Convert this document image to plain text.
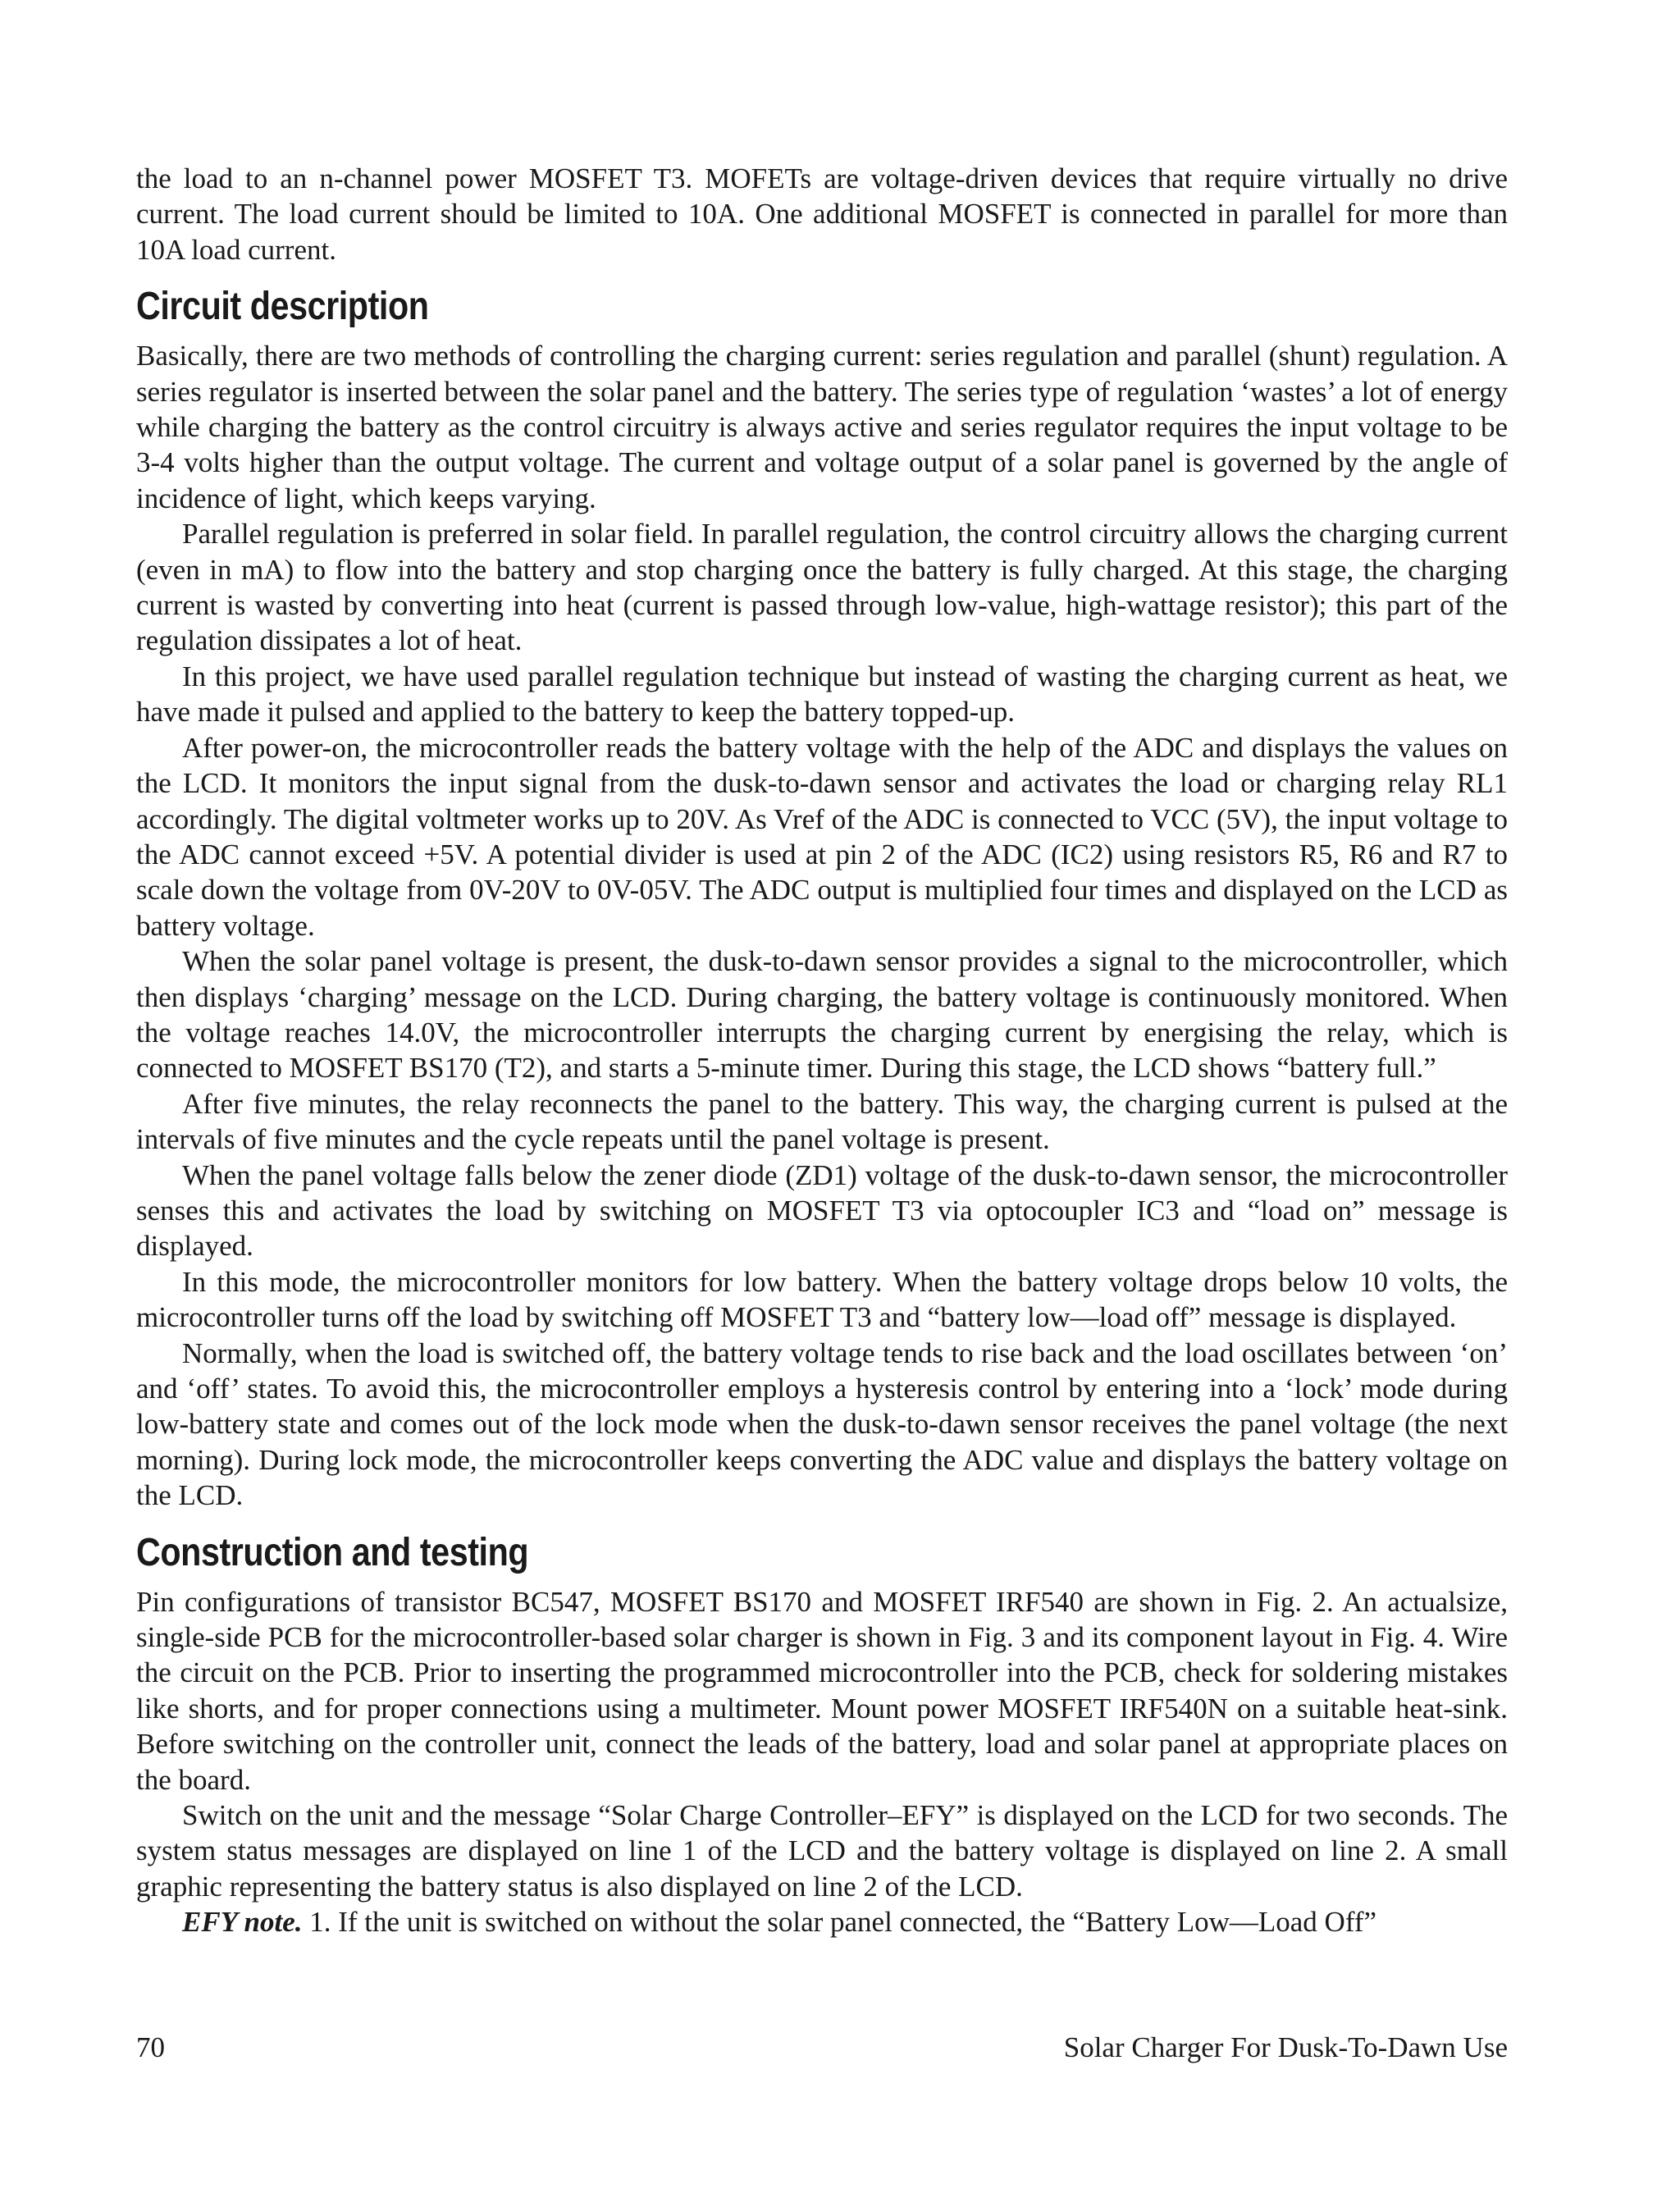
the load to an n-channel power MOSFET T3. MOFETs are voltage-driven devices that require virtually no drive current. The load current should be limited to 10A. One additional MOSFET is connected in parallel for more than 10A load current.

Circuit description

Basically, there are two methods of controlling the charging current: series regulation and parallel (shunt) regulation. A series regulator is inserted between the solar panel and the battery. The series type of regulation ‘wastes’ a lot of energy while charging the battery as the control circuitry is always active and series regulator requires the input voltage to be 3-4 volts higher than the output voltage. The current and voltage output of a solar panel is governed by the angle of incidence of light, which keeps varying.

Parallel regulation is preferred in solar field. In parallel regulation, the control circuitry allows the charging current (even in mA) to flow into the battery and stop charging once the battery is fully charged. At this stage, the charging current is wasted by converting into heat (current is passed through low-value, high-wattage resistor); this part of the regulation dissipates a lot of heat.

In this project, we have used parallel regulation technique but instead of wasting the charging current as heat, we have made it pulsed and applied to the battery to keep the battery topped-up.

After power-on, the microcontroller reads the battery voltage with the help of the ADC and displays the values on the LCD. It monitors the input signal from the dusk-to-dawn sensor and activates the load or charging relay RL1 accordingly. The digital voltmeter works up to 20V. As Vref of the ADC is connected to VCC (5V), the input voltage to the ADC cannot exceed +5V. A potential divider is used at pin 2 of the ADC (IC2) using resistors R5, R6 and R7 to scale down the voltage from 0V-20V to 0V-05V. The ADC output is multiplied four times and displayed on the LCD as battery voltage.

When the solar panel voltage is present, the dusk-to-dawn sensor provides a signal to the microcontroller, which then displays ‘charging’ message on the LCD. During charging, the battery voltage is continuously monitored. When the voltage reaches 14.0V, the microcontroller interrupts the charging current by energising the relay, which is connected to MOSFET BS170 (T2), and starts a 5-minute timer. During this stage, the LCD shows “battery full.”

After five minutes, the relay reconnects the panel to the battery. This way, the charging current is pulsed at the intervals of five minutes and the cycle repeats until the panel voltage is present.

When the panel voltage falls below the zener diode (ZD1) voltage of the dusk-to-dawn sensor, the microcontroller senses this and activates the load by switching on MOSFET T3 via optocoupler IC3 and “load on” message is displayed.

In this mode, the microcontroller monitors for low battery. When the battery voltage drops below 10 volts, the microcontroller turns off the load by switching off MOSFET T3 and “battery low—load off” message is displayed.

Normally, when the load is switched off, the battery voltage tends to rise back and the load oscillates between ‘on’ and ‘off’ states. To avoid this, the microcontroller employs a hysteresis control by entering into a ‘lock’ mode during low-battery state and comes out of the lock mode when the dusk-to-dawn sensor receives the panel voltage (the next morning). During lock mode, the microcontroller keeps converting the ADC value and displays the battery voltage on the LCD.

Construction and testing

Pin configurations of transistor BC547, MOSFET BS170 and MOSFET IRF540 are shown in Fig. 2. An actualsize, single-side PCB for the microcontroller-based solar charger is shown in Fig. 3 and its component layout in Fig. 4. Wire the circuit on the PCB. Prior to inserting the programmed microcontroller into the PCB, check for soldering mistakes like shorts, and for proper connections using a multimeter. Mount power MOSFET IRF540N on a suitable heat-sink. Before switching on the controller unit, connect the leads of the battery, load and solar panel at appropriate places on the board.

Switch on the unit and the message “Solar Charge Controller–EFY” is displayed on the LCD for two seconds. The system status messages are displayed on line 1 of the LCD and the battery voltage is displayed on line 2. A small graphic representing the battery status is also displayed on line 2 of the LCD.

EFY note. 1. If the unit is switched on without the solar panel connected, the “Battery Low—Load Off”

70	Solar Charger For Dusk-To-Dawn Use
